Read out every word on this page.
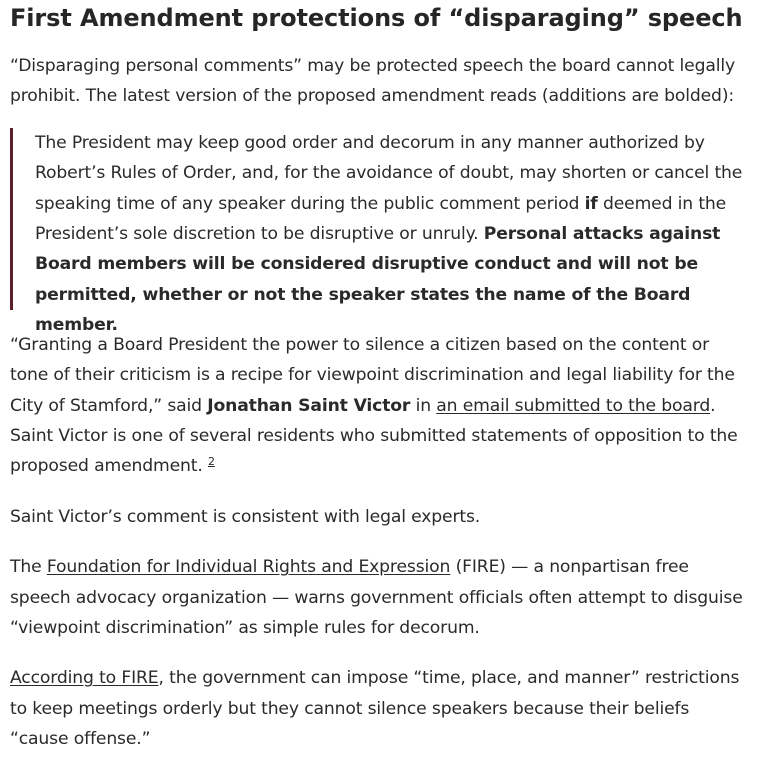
First Amendment protections of “disparaging” speech

“Disparaging personal comments” may be protected speech the board cannot legally prohibit. The latest version of the proposed amendment reads (additions are bolded):

The President may keep good order and decorum in any manner authorized by Robert’s Rules of Order, and, for the avoidance of doubt, may shorten or cancel the speaking time of any speaker during the public comment period if deemed in the President’s sole discretion to be disruptive or unruly. Personal attacks against Board members will be considered disruptive conduct and will not be permitted, whether or not the speaker states the name of the Board member.

“Granting a Board President the power to silence a citizen based on the content or tone of their criticism is a recipe for viewpoint discrimination and legal liability for the City of Stamford,” said Jonathan Saint Victor in an email submitted to the board. Saint Victor is one of several residents who submitted statements of opposition to the proposed amendment. $^2$

Saint Victor’s comment is consistent with legal experts.

The Foundation for Individual Rights and Expression (FIRE) — a nonpartisan free speech advocacy organization — warns government officials often attempt to disguise “viewpoint discrimination” as simple rules for decorum.

According to FIRE, the government can impose “time, place, and manner” restrictions to keep meetings orderly but they cannot silence speakers because their beliefs “cause offense.”
